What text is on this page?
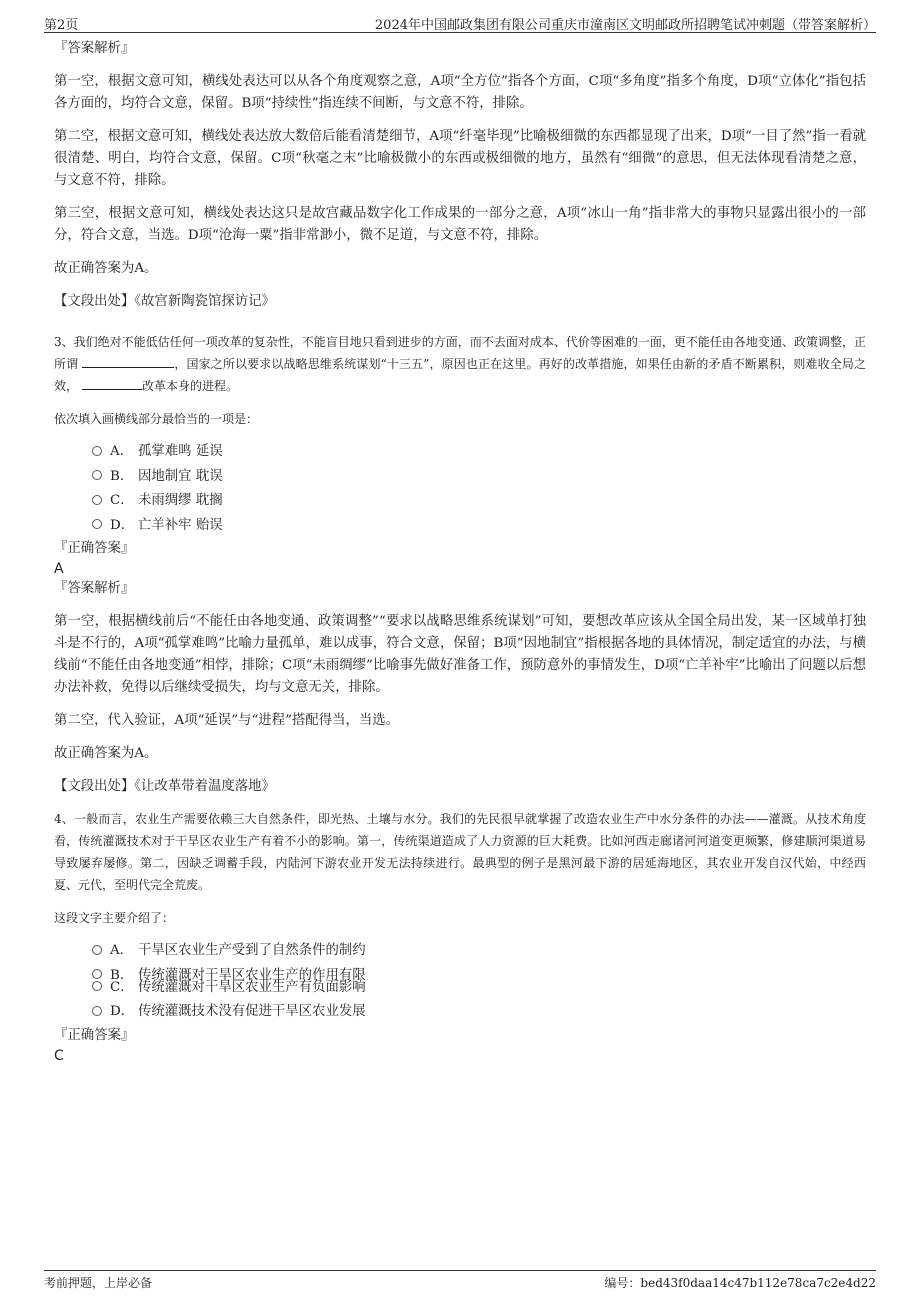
第2页	2024年中国邮政集团有限公司重庆市潼南区文明邮政所招聘笔试冲刺题（带答案解析）

『答案解析』

第一空，根据文意可知，横线处表达可以从各个角度观察之意，A项“全方位”指各个方面，C项“多角度”指多个角度，D项“立体化”指包括各方面的，均符合文意，保留。B项“持续性”指连续不间断，与文意不符，排除。

第二空，根据文意可知，横线处表达放大数倍后能看清楚细节，A项“纤毫毕现”比喻极细微的东西都显现了出来，D项“一目了然”指一看就很清楚、明白，均符合文意，保留。C项“秋毫之末”比喻极微小的东西或极细微的地方，虽然有“细微”的意思，但无法体现看清楚之意，与文意不符，排除。

第三空，根据文意可知，横线处表达这只是故宫藏品数字化工作成果的一部分之意，A项“冰山一角”指非常大的事物只显露出很小的一部分，符合文意，当选。D项“沧海一粟”指非常渺小，微不足道，与文意不符，排除。

故正确答案为A。

【文段出处】《故宫新陶瓷馆探访记》

3、我们绝对不能低估任何一项改革的复杂性，不能盲目地只看到进步的方面，而不去面对成本、代价等困难的一面，更不能任由各地变通、政策调整，正所谓	，国家之所以要求以战略思维系统谋划“十三五”，原因也正在这里。再好的改革措施，如果任由新的矛盾不断累积，则难收全局之效，	改革本身的进程。

依次填入画横线部分最恰当的一项是：

A． 孤掌难鸣 延误
B． 因地制宜 耽误
C． 未雨绸缪 耽搁
D． 亡羊补牢 贻误

『正确答案』

A

『答案解析』

第一空，根据横线前后“不能任由各地变通、政策调整”“要求以战略思维系统谋划”可知，要想改革应该从全国全局出发，某一区域单打独斗是不行的，A项“孤掌难鸣”比喻力量孤单，难以成事，符合文意，保留；B项“因地制宜”指根据各地的具体情况，制定适宜的办法，与横线前“不能任由各地变通”相悖，排除；C项“未雨绸缪”比喻事先做好准备工作，预防意外的事情发生，D项“亡羊补牢”比喻出了问题以后想办法补救，免得以后继续受损失，均与文意无关，排除。

第二空，代入验证，A项“延误”与“进程”搭配得当，当选。

故正确答案为A。

【文段出处】《让改革带着温度落地》

4、一般而言，农业生产需要依赖三大自然条件，即光热、土壤与水分。我们的先民很早就掌握了改造农业生产中水分条件的办法——灌溉。从技术角度看，传统灌溉技术对于干旱区农业生产有着不小的影响。第一，传统渠道造成了人力资源的巨大耗费。比如河西走廊诸河河道变更频繁，修建顺河渠道易导致屡弃屡修。第二，因缺乏调蓄手段，内陆河下游农业开发无法持续进行。最典型的例子是黑河最下游的居延海地区，其农业开发自汉代始，中经西夏、元代，至明代完全荒废。

这段文字主要介绍了：

A． 干旱区农业生产受到了自然条件的制约
B． 传统灌溉对干旱区农业生产的作用有限
C． 传统灌溉对干旱区农业生产有负面影响
D． 传统灌溉技术没有促进干旱区农业发展

『正确答案』

C

考前押题，上岸必备	编号：bed43f0daa14c47b112e78ca7c2e4d22
